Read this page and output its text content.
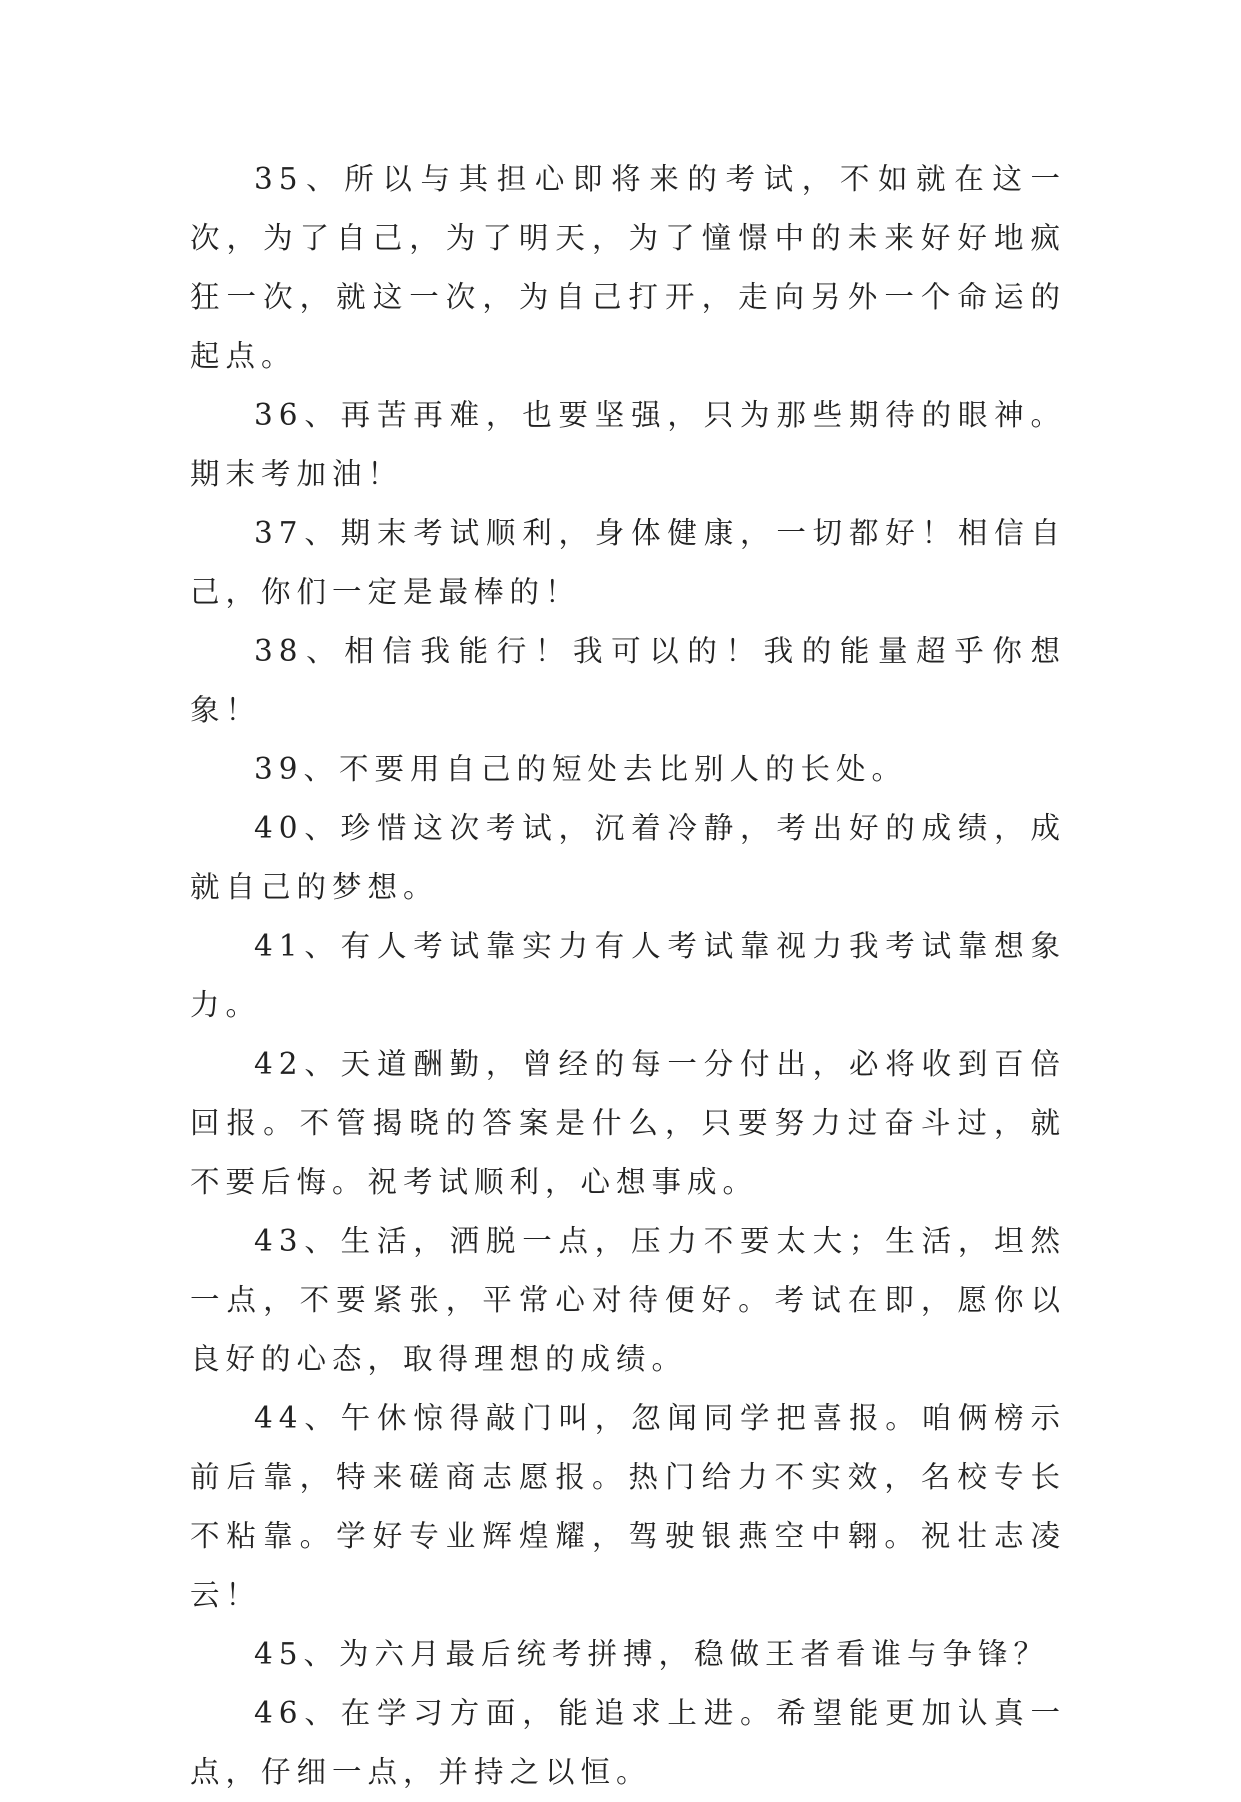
35、所以与其担心即将来的考试，不如就在这一次，为了自己，为了明天，为了憧憬中的未来好好地疯狂一次，就这一次，为自己打开，走向另外一个命运的起点。

36、再苦再难，也要坚强，只为那些期待的眼神。期末考加油！

37、期末考试顺利，身体健康，一切都好！相信自己，你们一定是最棒的！

38、相信我能行！我可以的！我的能量超乎你想象！

39、不要用自己的短处去比别人的长处。

40、珍惜这次考试，沉着冷静，考出好的成绩，成就自己的梦想。

41、有人考试靠实力有人考试靠视力我考试靠想象力。

42、天道酬勤，曾经的每一分付出，必将收到百倍回报。不管揭晓的答案是什么，只要努力过奋斗过，就不要后悔。祝考试顺利，心想事成。

43、生活，洒脱一点，压力不要太大；生活，坦然一点，不要紧张，平常心对待便好。考试在即，愿你以良好的心态，取得理想的成绩。

44、午休惊得敲门叫，忽闻同学把喜报。咱俩榜示前后靠，特来磋商志愿报。热门给力不实效，名校专长不粘靠。学好专业辉煌耀，驾驶银燕空中翱。祝壮志凌云！

45、为六月最后统考拼搏，稳做王者看谁与争锋？

46、在学习方面，能追求上进。希望能更加认真一点，仔细一点，并持之以恒。
